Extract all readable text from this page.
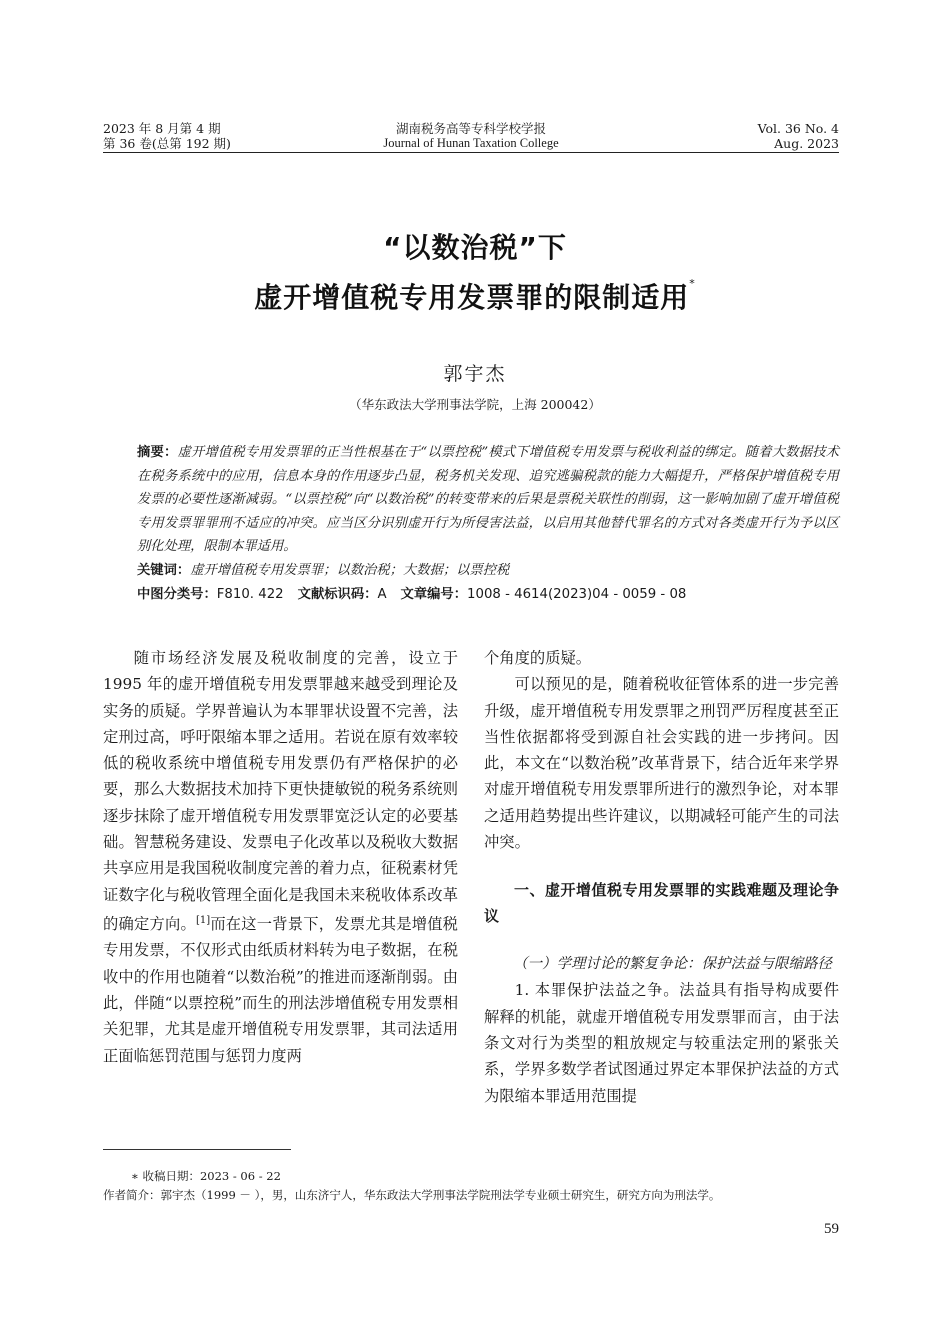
2023 年 8 月第 4 期
第 36 卷(总第 192 期)
湖南税务高等专科学校学报
Journal of Hunan Taxation College
Vol. 36 No. 4
Aug. 2023
“以数治税”下
虚开增值税专用发票罪的限制适用*
郭宇杰
（华东政法大学刑事法学院，上海 200042）

摘要：虚开增值税专用发票罪的正当性根基在于“以票控税”模式下增值税专用发票与税收利益的绑定。随着大数据技术在税务系统中的应用，信息本身的作用逐步凸显，税务机关发现、追究逃骗税款的能力大幅提升，严格保护增值税专用发票的必要性逐渐减弱。“以票控税”向“以数治税”的转变带来的后果是票税关联性的削弱，这一影响加剧了虚开增值税专用发票罪罪刑不适应的冲突。应当区分识别虚开行为所侵害法益，以启用其他替代罪名的方式对各类虚开行为予以区别化处理，限制本罪适用。

关键词：虚开增值税专用发票罪；以数治税；大数据；以票控税

中图分类号：F810. 422 文献标识码：A 文章编号：1008 - 4614(2023)04 - 0059 - 08

随市场经济发展及税收制度的完善，设立于 1995 年的虚开增值税专用发票罪越来越受到理论及实务的质疑。学界普遍认为本罪罪状设置不完善，法定刑过高，呼吁限缩本罪之适用。若说在原有效率较低的税收系统中增值税专用发票仍有严格保护的必要，那么大数据技术加持下更快捷敏锐的税务系统则逐步抹除了虚开增值税专用发票罪宽泛认定的必要基础。智慧税务建设、发票电子化改革以及税收大数据共享应用是我国税收制度完善的着力点，征税素材凭证数字化与税收管理全面化是我国未来税收体系改革的确定方向。[1]而在这一背景下，发票尤其是增值税专用发票，不仅形式由纸质材料转为电子数据，在税收中的作用也随着“以数治税”的推进而逐渐削弱。由此，伴随“以票控税”而生的刑法涉增值税专用发票相关犯罪，尤其是虚开增值税专用发票罪，其司法适用正面临惩罚范围与惩罚力度两

个角度的质疑。

可以预见的是，随着税收征管体系的进一步完善升级，虚开增值税专用发票罪之刑罚严厉程度甚至正当性依据都将受到源自社会实践的进一步拷问。因此，本文在“以数治税”改革背景下，结合近年来学界对虚开增值税专用发票罪所进行的激烈争论，对本罪之适用趋势提出些许建议，以期减轻可能产生的司法冲突。

一、虚开增值税专用发票罪的实践难题及理论争议

（一）学理讨论的繁复争论：保护法益与限缩路径

1. 本罪保护法益之争。法益具有指导构成要件解释的机能，就虚开增值税专用发票罪而言，由于法条文对行为类型的粗放规定与较重法定刑的紧张关系，学界多数学者试图通过界定本罪保护法益的方式为限缩本罪适用范围提

∗ 收稿日期：2023 - 06 - 22
作者简介：郭宇杰（1999 － ），男，山东济宁人，华东政法大学刑事法学院刑法学专业硕士研究生，研究方向为刑法学。
59
